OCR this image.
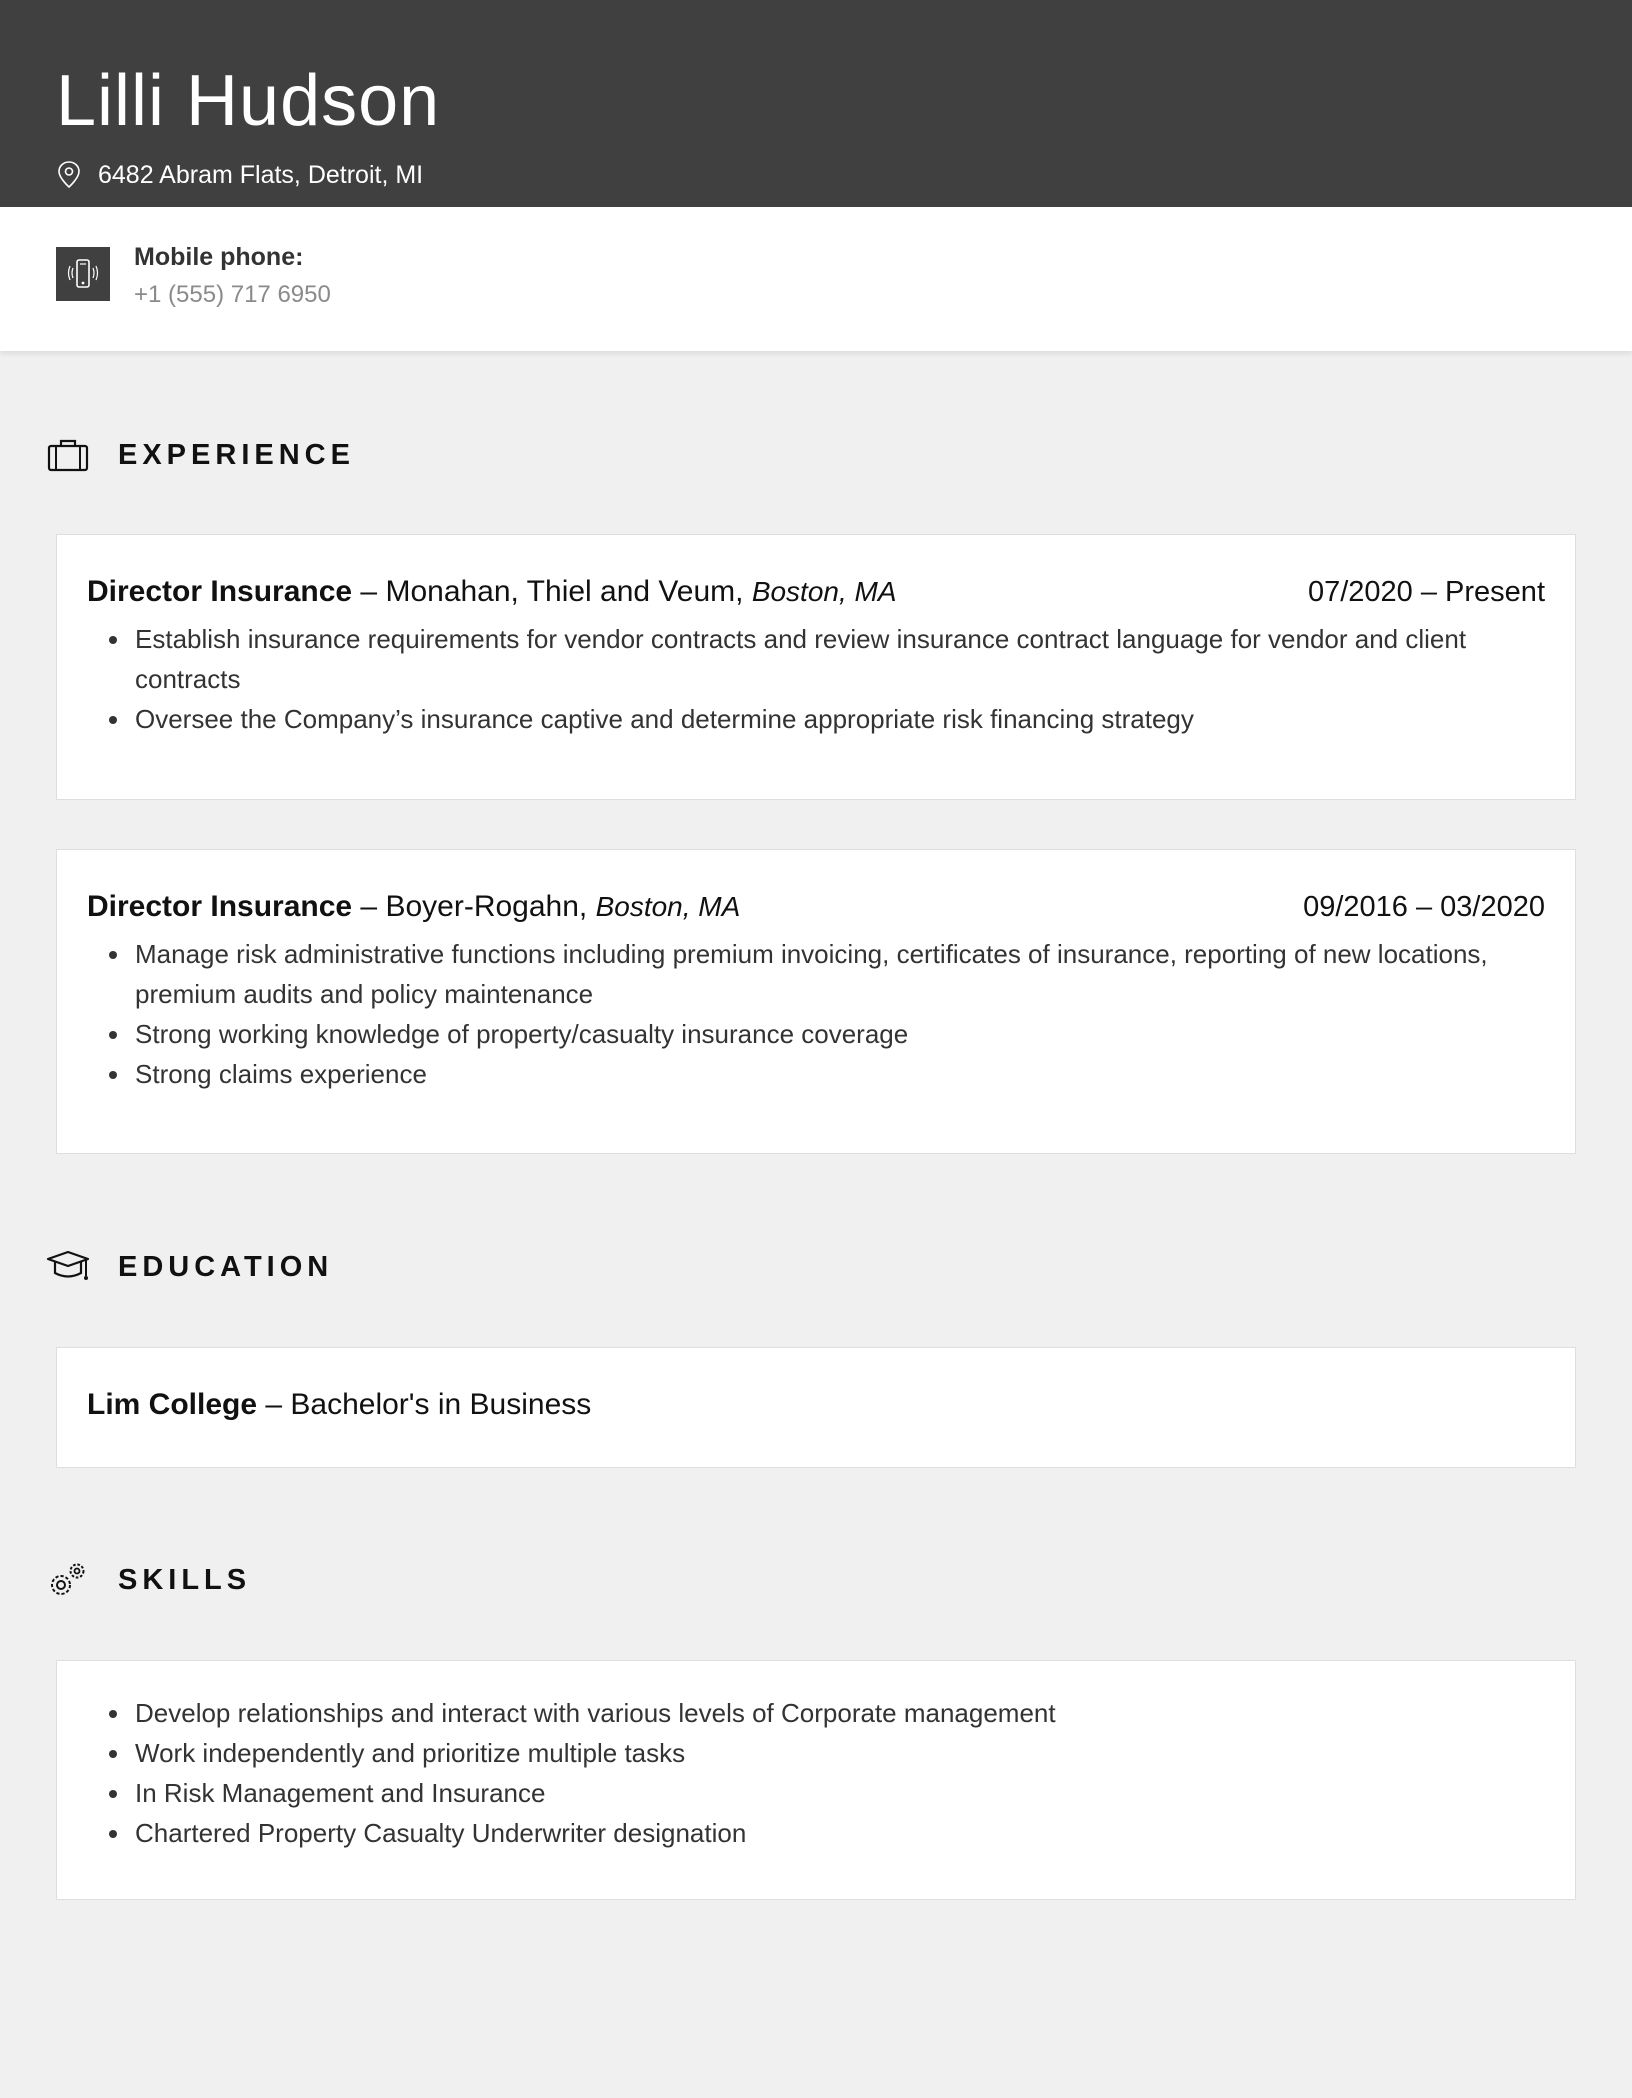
Lilli Hudson
6482 Abram Flats, Detroit, MI
Mobile phone:
+1 (555) 717 6950
EXPERIENCE
Director Insurance – Monahan, Thiel and Veum, Boston, MA	07/2020 – Present
Establish insurance requirements for vendor contracts and review insurance contract language for vendor and client contracts
Oversee the Company’s insurance captive and determine appropriate risk financing strategy
Director Insurance – Boyer-Rogahn, Boston, MA	09/2016 – 03/2020
Manage risk administrative functions including premium invoicing, certificates of insurance, reporting of new locations, premium audits and policy maintenance
Strong working knowledge of property/casualty insurance coverage
Strong claims experience
EDUCATION
Lim College – Bachelor's in Business
SKILLS
Develop relationships and interact with various levels of Corporate management
Work independently and prioritize multiple tasks
In Risk Management and Insurance
Chartered Property Casualty Underwriter designation
